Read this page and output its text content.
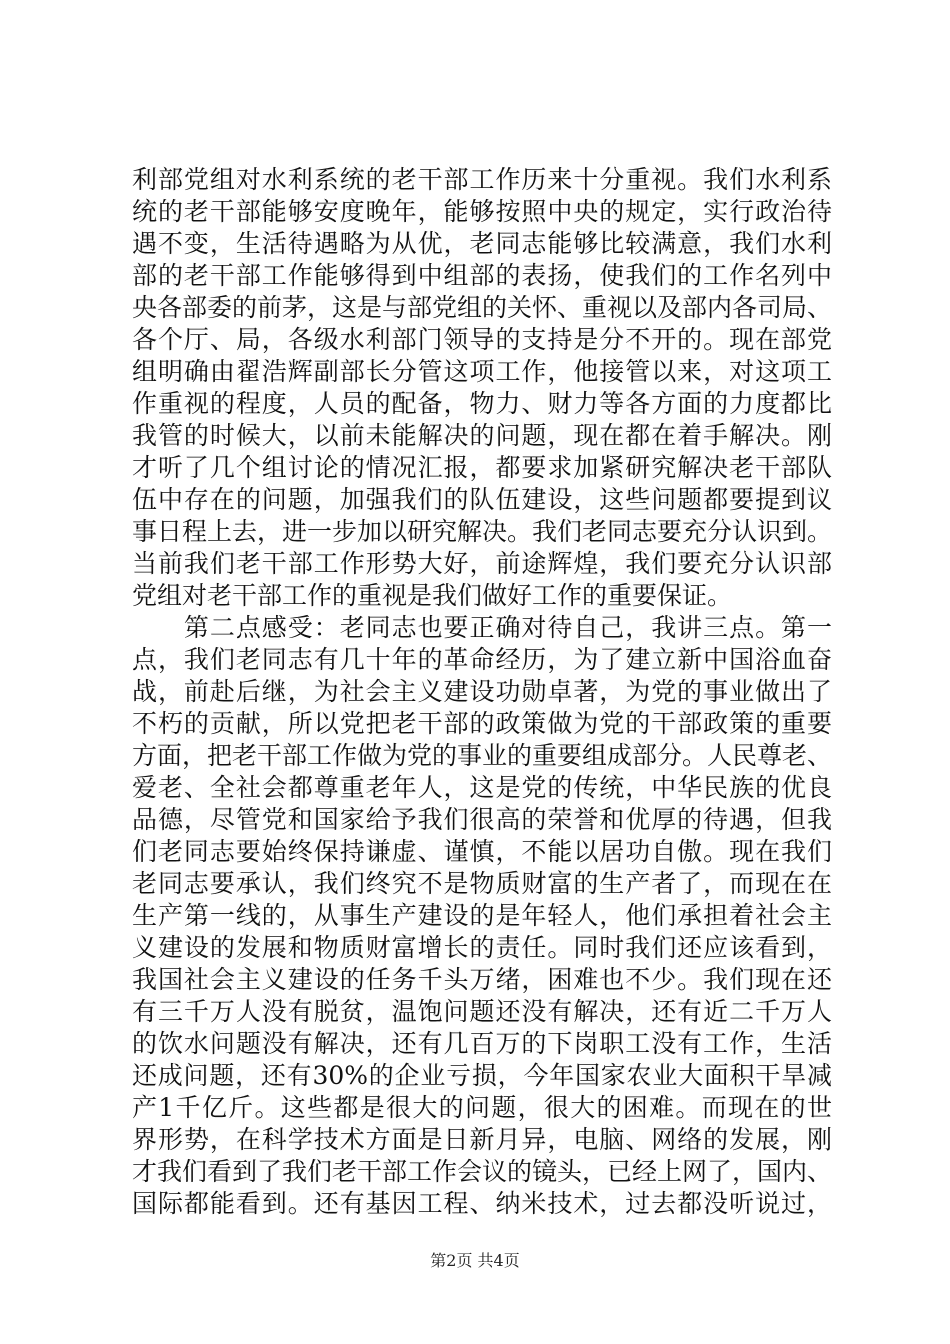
利部党组对水利系统的老干部工作历来十分重视。我们水利系
统的老干部能够安度晚年，能够按照中央的规定，实行政治待
遇不变，生活待遇略为从优，老同志能够比较满意，我们水利
部的老干部工作能够得到中组部的表扬，使我们的工作名列中
央各部委的前茅，这是与部党组的关怀、重视以及部内各司局、
各个厅、局，各级水利部门领导的支持是分不开的。现在部党
组明确由翟浩辉副部长分管这项工作，他接管以来，对这项工
作重视的程度，人员的配备，物力、财力等各方面的力度都比
我管的时候大，以前未能解决的问题，现在都在着手解决。刚
才听了几个组讨论的情况汇报，都要求加紧研究解决老干部队
伍中存在的问题，加强我们的队伍建设，这些问题都要提到议
事日程上去，进一步加以研究解决。我们老同志要充分认识到。
当前我们老干部工作形势大好，前途辉煌，我们要充分认识部
党组对老干部工作的重视是我们做好工作的重要保证。
　　第二点感受：老同志也要正确对待自己，我讲三点。第一
点，我们老同志有几十年的革命经历，为了建立新中国浴血奋
战，前赴后继，为社会主义建设功勋卓著，为党的事业做出了
不朽的贡献，所以党把老干部的政策做为党的干部政策的重要
方面，把老干部工作做为党的事业的重要组成部分。人民尊老、
爱老、全社会都尊重老年人，这是党的传统，中华民族的优良
品德，尽管党和国家给予我们很高的荣誉和优厚的待遇，但我
们老同志要始终保持谦虚、谨慎，不能以居功自傲。现在我们
老同志要承认，我们终究不是物质财富的生产者了，而现在在
生产第一线的，从事生产建设的是年轻人，他们承担着社会主
义建设的发展和物质财富增长的责任。同时我们还应该看到，
我国社会主义建设的任务千头万绪，困难也不少。我们现在还
有三千万人没有脱贫，温饱问题还没有解决，还有近二千万人
的饮水问题没有解决，还有几百万的下岗职工没有工作，生活
还成问题，还有30%的企业亏损，今年国家农业大面积干旱减
产1千亿斤。这些都是很大的问题，很大的困难。而现在的世
界形势，在科学技术方面是日新月异，电脑、网络的发展，刚
才我们看到了我们老干部工作会议的镜头，已经上网了，国内、
国际都能看到。还有基因工程、纳米技术，过去都没听说过，
第2页 共4页
